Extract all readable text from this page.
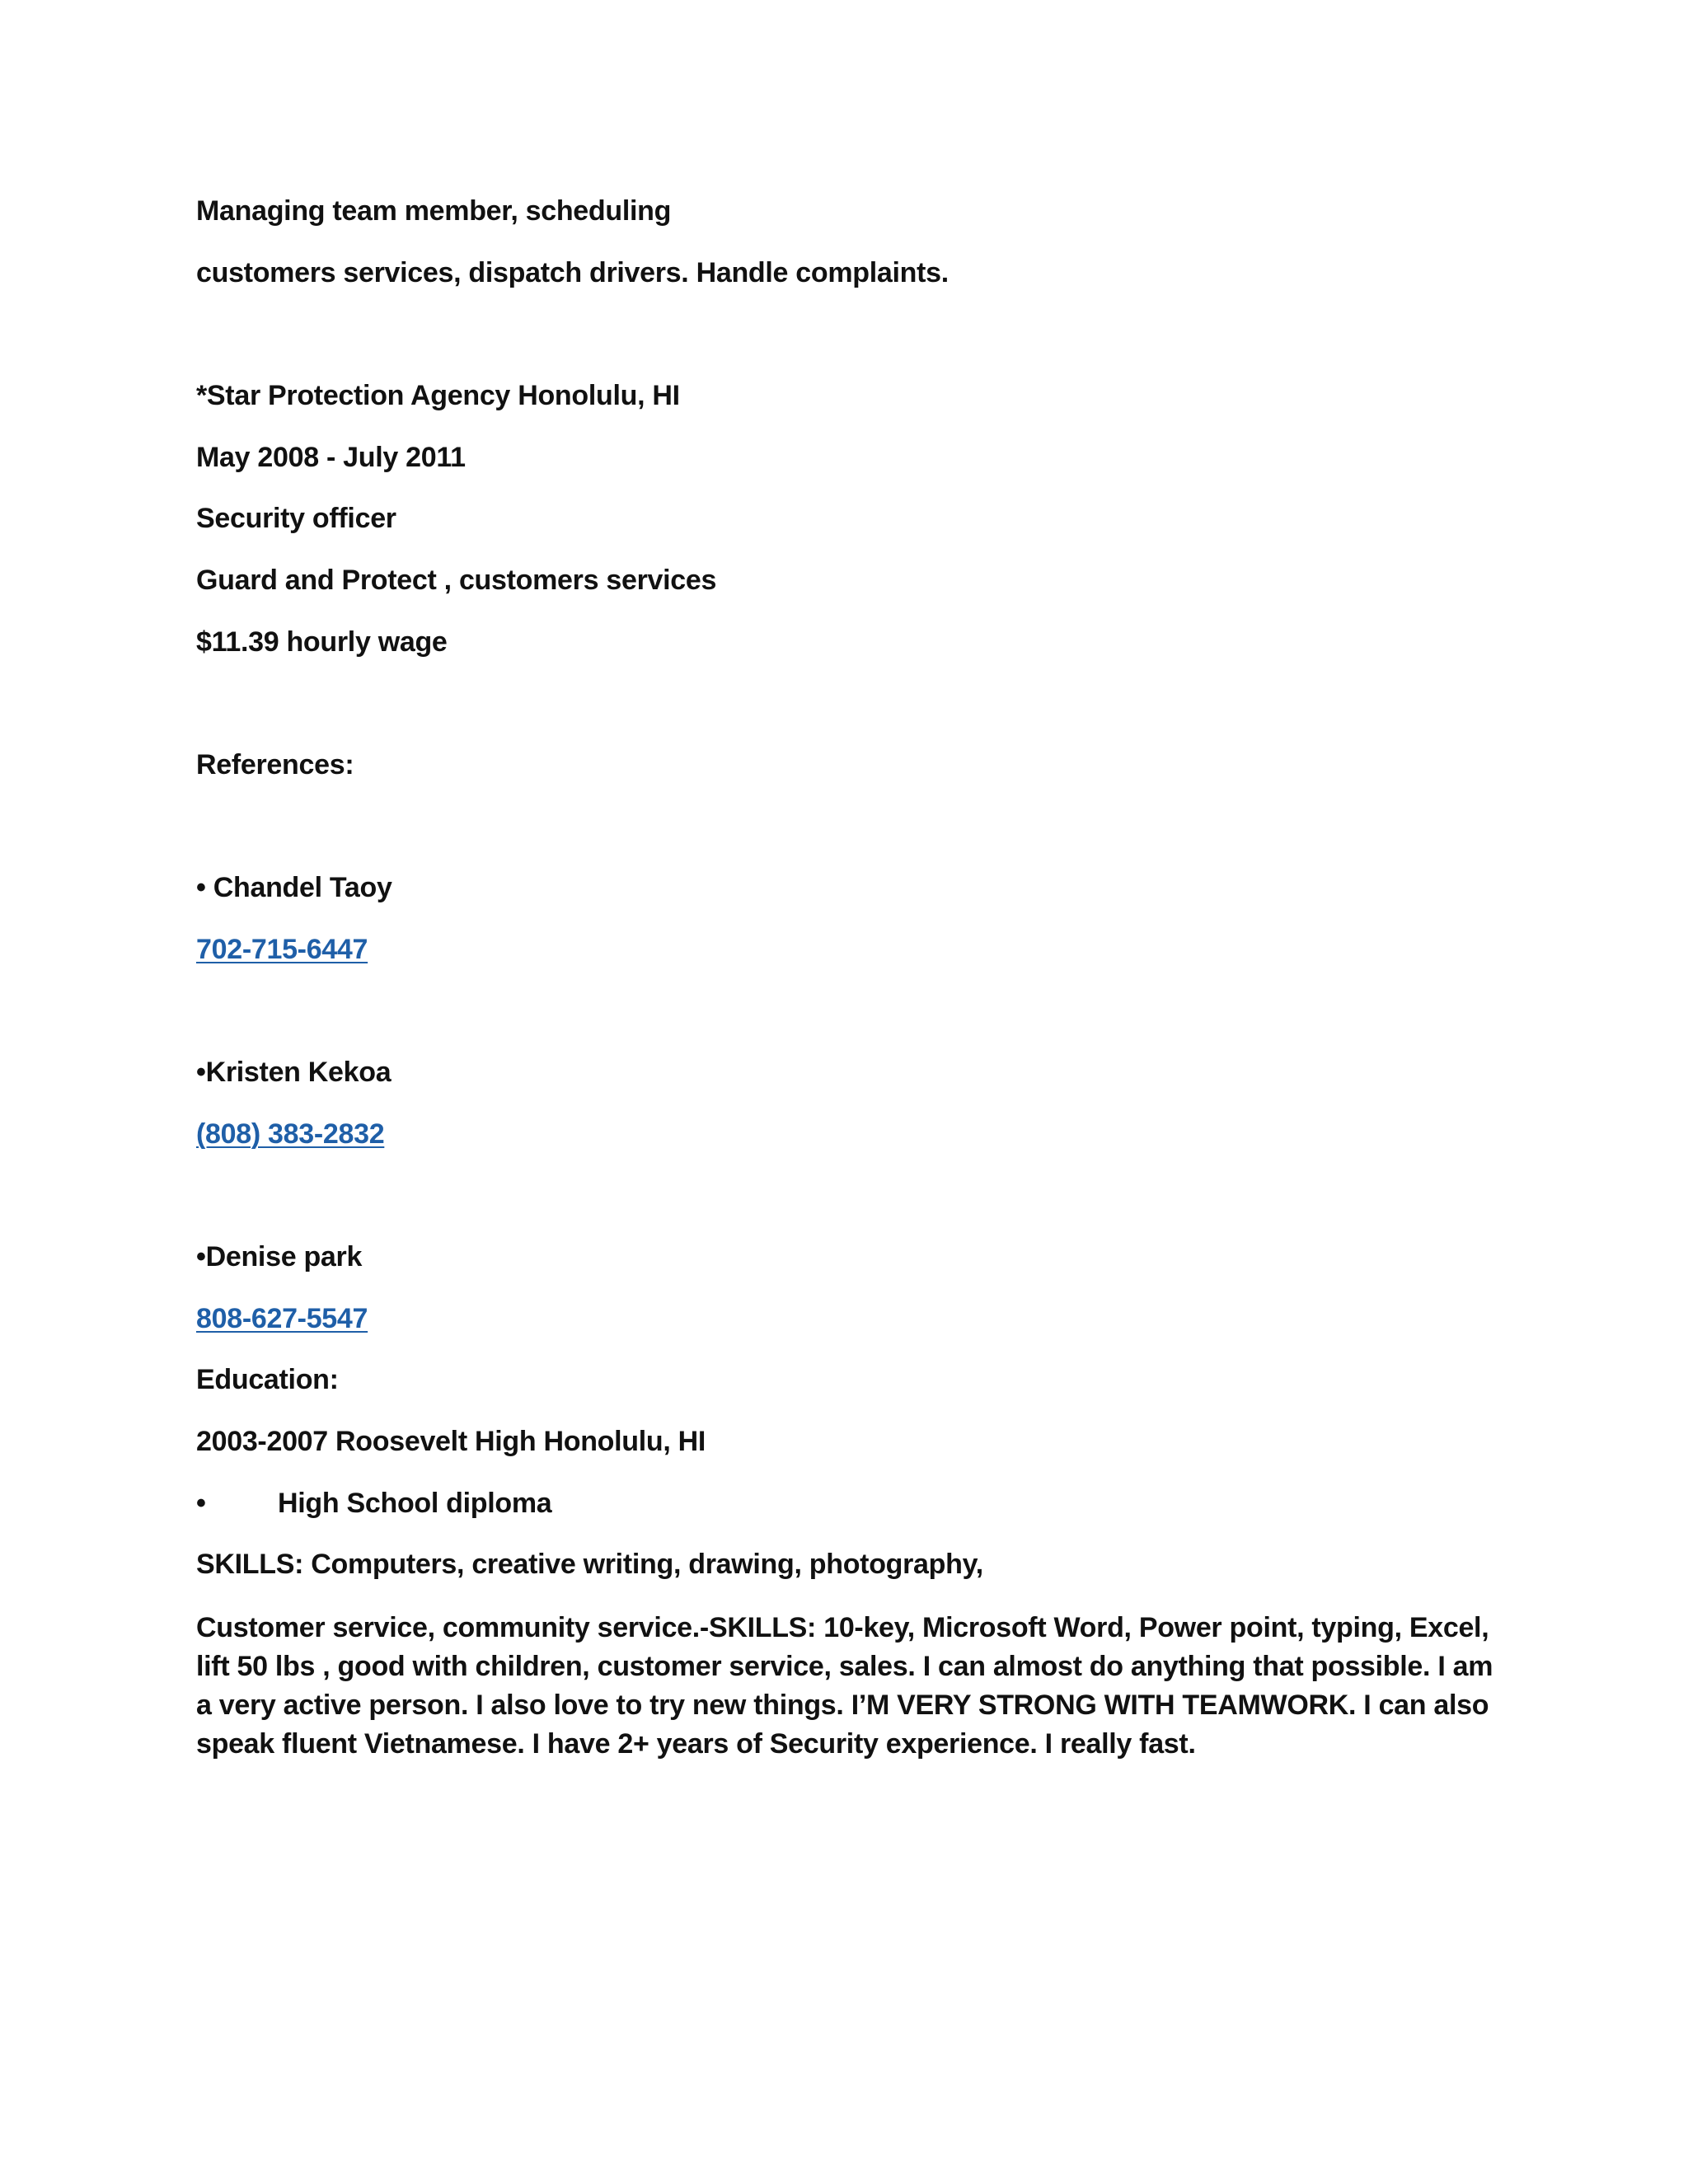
Managing team member, scheduling
customers services, dispatch drivers. Handle complaints.
*Star Protection Agency Honolulu, HI
May 2008 - July 2011
Security officer
Guard and Protect , customers services
$11.39 hourly wage
References:
• Chandel Taoy
702-715-6447
•Kristen Kekoa
(808) 383-2832
•Denise park
808-627-5547
Education:
2003-2007 Roosevelt High Honolulu, HI
•	High School diploma
SKILLS: Computers, creative writing, drawing, photography,
Customer service, community service.-SKILLS: 10-key, Microsoft Word, Power point, typing, Excel, lift 50 lbs , good with children, customer service, sales. I can almost do anything that possible. I am a very active person. I also love to try new things. I’M VERY STRONG WITH TEAMWORK. I can also speak fluent Vietnamese. I have 2+ years of Security experience. I really fast.
